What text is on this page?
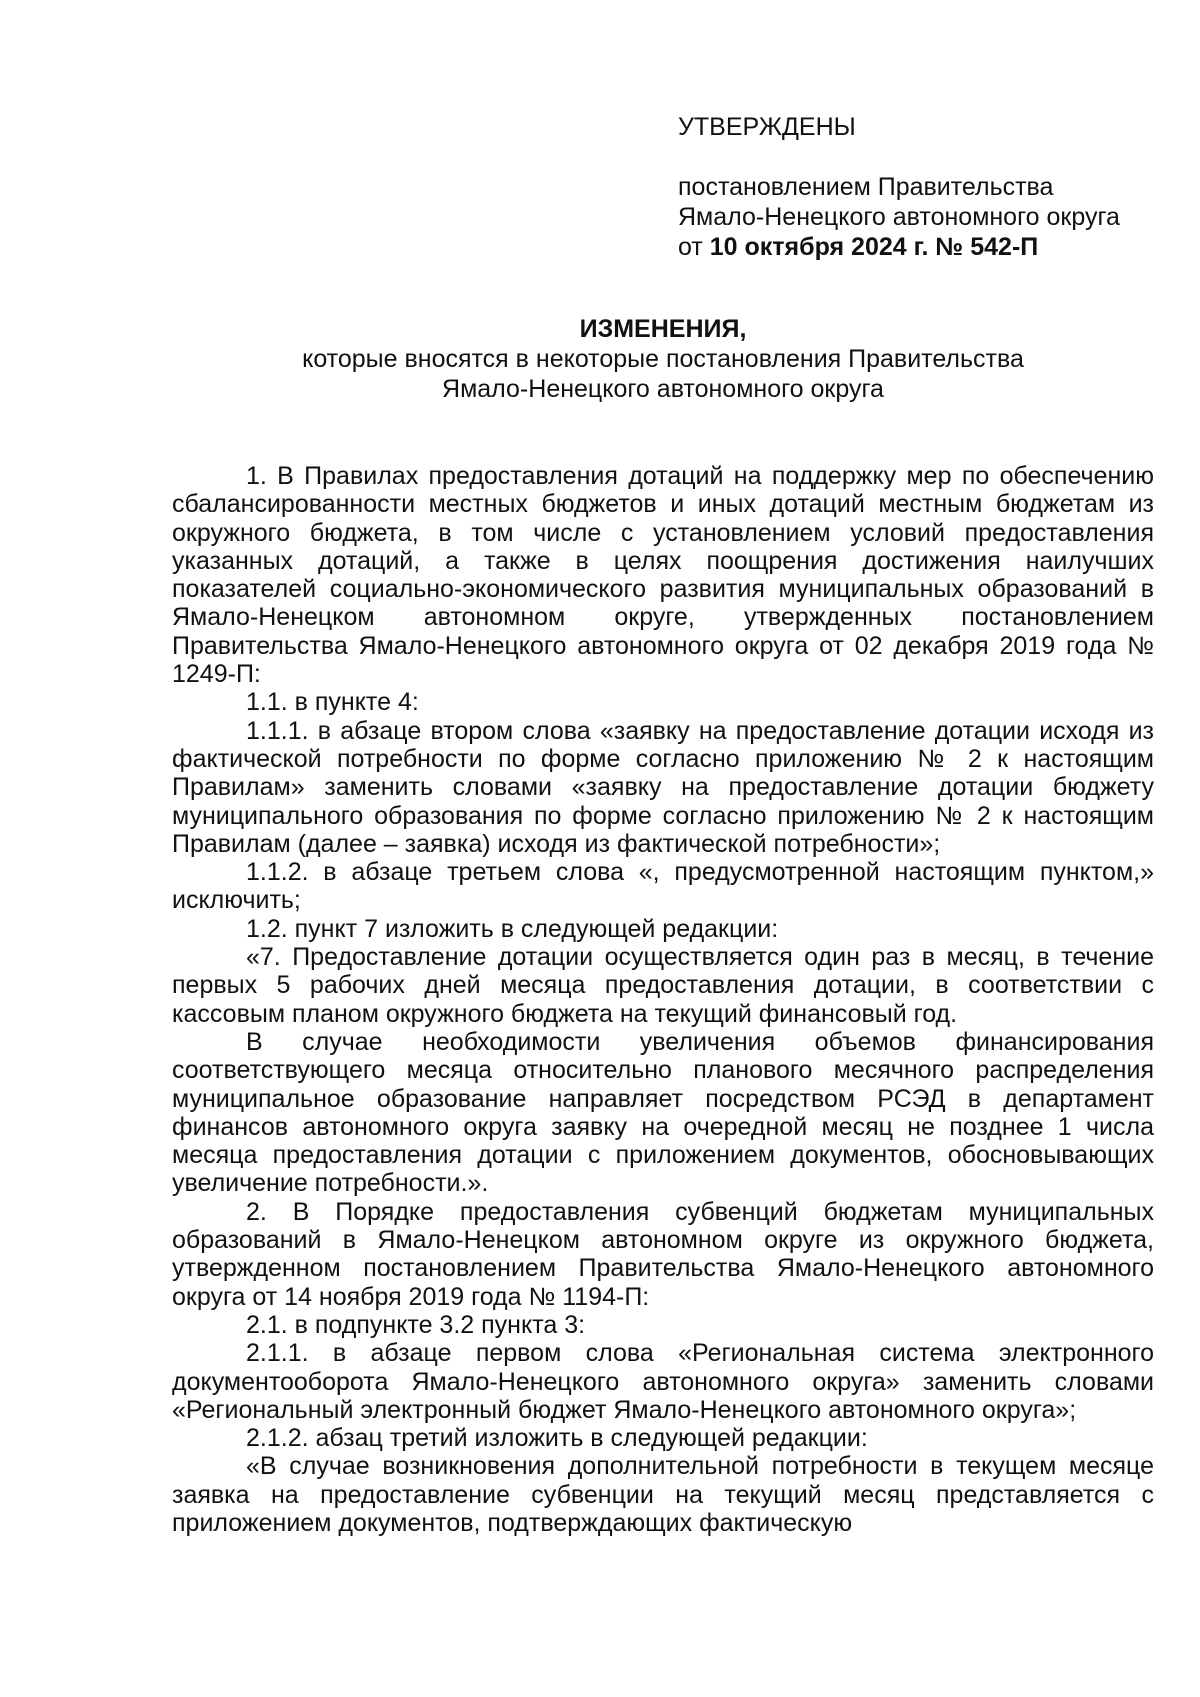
УТВЕРЖДЕНЫ
постановлением Правительства
Ямало-Ненецкого автономного округа
от 10 октября 2024 г. № 542-П
ИЗМЕНЕНИЯ,
которые вносятся в некоторые постановления Правительства
Ямало-Ненецкого автономного округа

1. В Правилах предоставления дотаций на поддержку мер по обеспечению сбалансированности местных бюджетов и иных дотаций местным бюджетам из окружного бюджета, в том числе с установлением условий предоставления указанных дотаций, а также в целях поощрения достижения наилучших показателей социально-экономического развития муниципальных образований в Ямало-Ненецком автономном округе, утвержденных постановлением Правительства Ямало-Ненецкого автономного округа от 02 декабря 2019 года № 1249-П:

1.1. в пункте 4:

1.1.1. в абзаце втором слова «заявку на предоставление дотации исходя из фактической потребности по форме согласно приложению № 2 к настоящим Правилам» заменить словами «заявку на предоставление дотации бюджету муниципального образования по форме согласно приложению № 2 к настоящим Правилам (далее – заявка) исходя из фактической потребности»;

1.1.2. в абзаце третьем слова «, предусмотренной настоящим пунктом,» исключить;

1.2. пункт 7 изложить в следующей редакции:

«7. Предоставление дотации осуществляется один раз в месяц, в течение первых 5 рабочих дней месяца предоставления дотации, в соответствии с кассовым планом окружного бюджета на текущий финансовый год.

В случае необходимости увеличения объемов финансирования соответствующего месяца относительно планового месячного распределения муниципальное образование направляет посредством РСЭД в департамент финансов автономного округа заявку на очередной месяц не позднее 1 числа месяца предоставления дотации с приложением документов, обосновывающих увеличение потребности.».

2. В Порядке предоставления субвенций бюджетам муниципальных образований в Ямало-Ненецком автономном округе из окружного бюджета, утвержденном постановлением Правительства Ямало-Ненецкого автономного округа от 14 ноября 2019 года № 1194-П:

2.1. в подпункте 3.2 пункта 3:

2.1.1. в абзаце первом слова «Региональная система электронного документооборота Ямало-Ненецкого автономного округа» заменить словами «Региональный электронный бюджет Ямало-Ненецкого автономного округа»;

2.1.2. абзац третий изложить в следующей редакции:

«В случае возникновения дополнительной потребности в текущем месяце заявка на предоставление субвенции на текущий месяц представляется с приложением документов, подтверждающих фактическую
